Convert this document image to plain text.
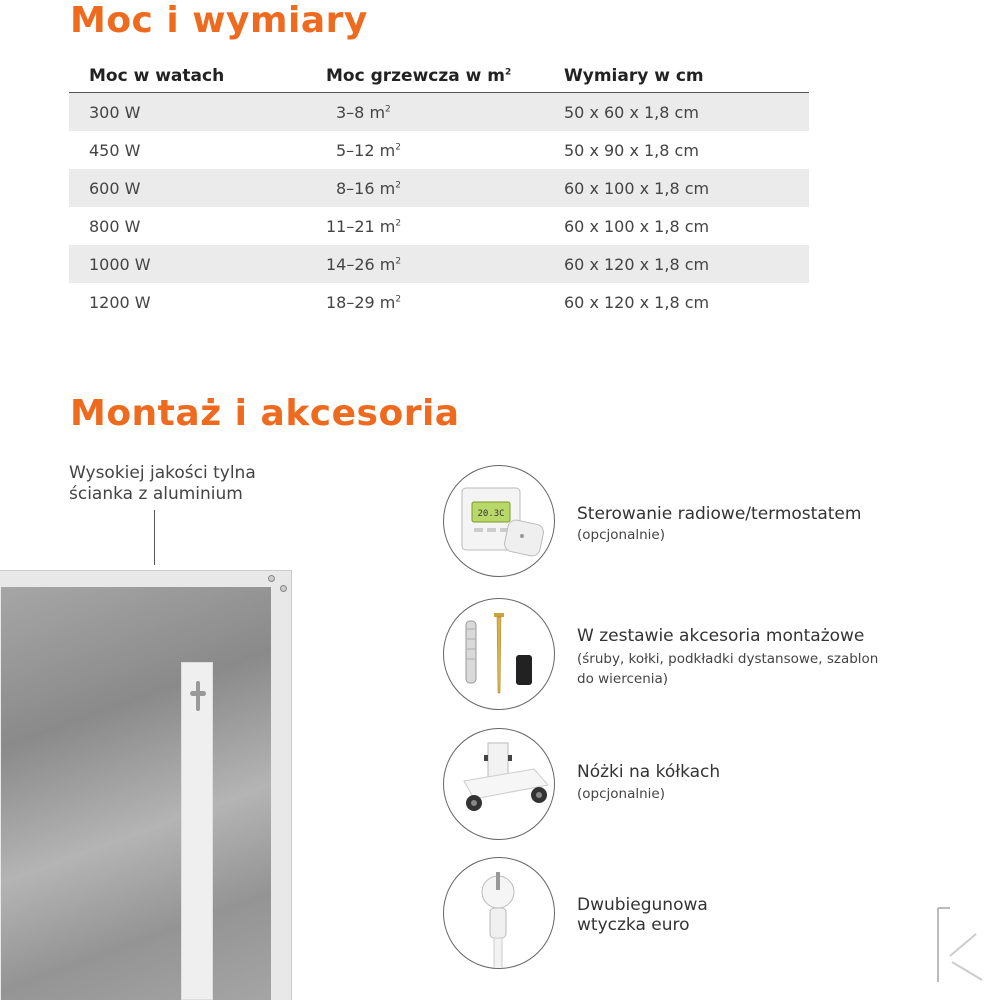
Moc i wymiary
Moc w watach	Moc grzewcza w $m^2$	Wymiary w cm
300 W	3–8 $m^2$	50 x 60 x 1,8 cm
450 W	5–12 $m^2$	50 x 90 x 1,8 cm
600 W	8–16 $m^2$	60 x 100 x 1,8 cm
800 W	11–21 $m^2$	60 x 100 x 1,8 cm
1000 W	14–26 $m^2$	60 x 120 x 1,8 cm
1200 W	18–29 $m^2$	60 x 120 x 1,8 cm
Montaż i akcesoria
Wysokiej jakości tylna
ścianka z aluminium
20.3C	Sterowanie radiowe/termostatem
(opcjonalnie)
W zestawie akcesoria montażowe
(śruby, kołki, podkładki dystansowe, szablon
do wiercenia)
Nóżki na kółkach
(opcjonalnie)
Dwubiegunowa
wtyczka euro
